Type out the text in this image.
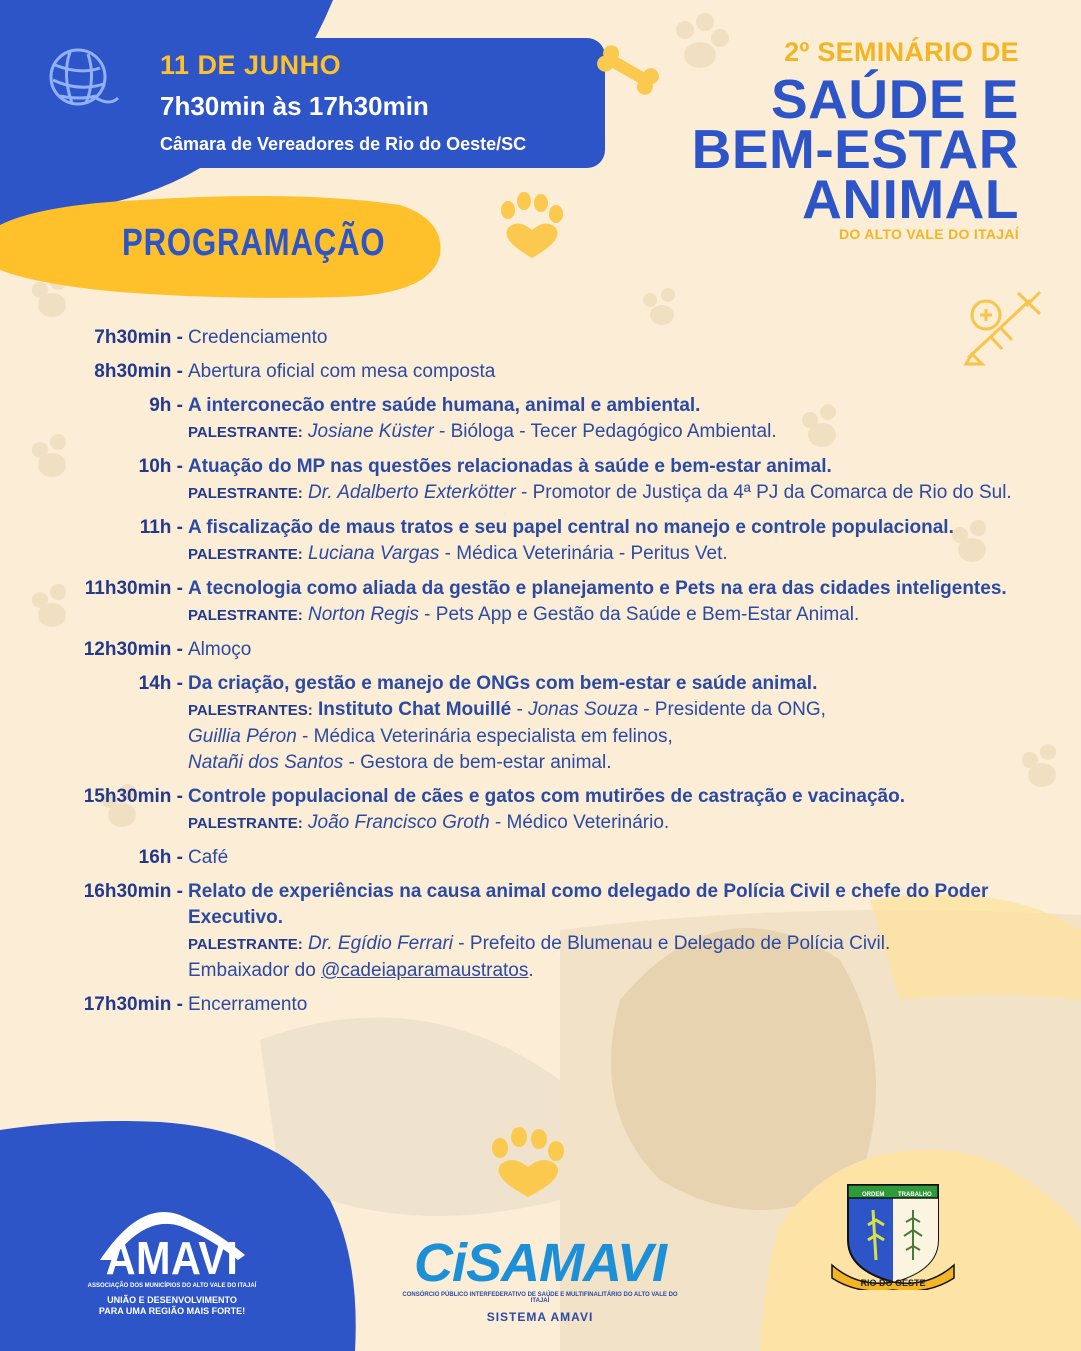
11 DE JUNHO
7h30min às 17h30min
Câmara de Vereadores de Rio do Oeste/SC
2º SEMINÁRIO DE
SAÚDE E
BEM-ESTAR
ANIMAL
DO ALTO VALE DO ITAJAÍ
PROGRAMAÇÃO
7h30min - Credenciamento
8h30min - Abertura oficial com mesa composta
9h - A interconecão entre saúde humana, animal e ambiental.
PALESTRANTE: Josiane Küster - Bióloga - Tecer Pedagógico Ambiental.
10h - Atuação do MP nas questões relacionadas à saúde e bem-estar animal.
PALESTRANTE: Dr. Adalberto Exterkötter - Promotor de Justiça da 4ª PJ da Comarca de Rio do Sul.
11h - A fiscalização de maus tratos e seu papel central no manejo e controle populacional.
PALESTRANTE: Luciana Vargas - Médica Veterinária - Peritus Vet.
11h30min - A tecnologia como aliada da gestão e planejamento e Pets na era das cidades inteligentes.
PALESTRANTE: Norton Regis - Pets App e Gestão da Saúde e Bem-Estar Animal.
12h30min - Almoço
14h - Da criação, gestão e manejo de ONGs com bem-estar e saúde animal.
PALESTRANTES: Instituto Chat Mouillé - Jonas Souza - Presidente da ONG,
Guillia Péron - Médica Veterinária especialista em felinos,
Natañi dos Santos - Gestora de bem-estar animal.
15h30min - Controle populacional de cães e gatos com mutirões de castração e vacinação.
PALESTRANTE: João Francisco Groth - Médico Veterinário.
16h - Café
16h30min - Relato de experiências na causa animal como delegado de Polícia Civil e chefe do Poder Executivo.
PALESTRANTE: Dr. Egídio Ferrari - Prefeito de Blumenau e Delegado de Polícia Civil.
Embaixador do @cadeiaparamaustratos.
17h30min - Encerramento
AMAVI
ASSOCIAÇÃO DOS MUNICÍPIOS DO ALTO VALE DO ITAJAÍ
UNIÃO E DESENVOLVIMENTO
PARA UMA REGIÃO MAIS FORTE!
CiSAMAVI
CONSÓRCIO PÚBLICO INTERFEDERATIVO DE SAÚDE E MULTIFINALITÁRIO DO ALTO VALE DO ITAJAÍ
SISTEMA AMAVI
ORDEM TRABALHO
RIO DO OESTE
